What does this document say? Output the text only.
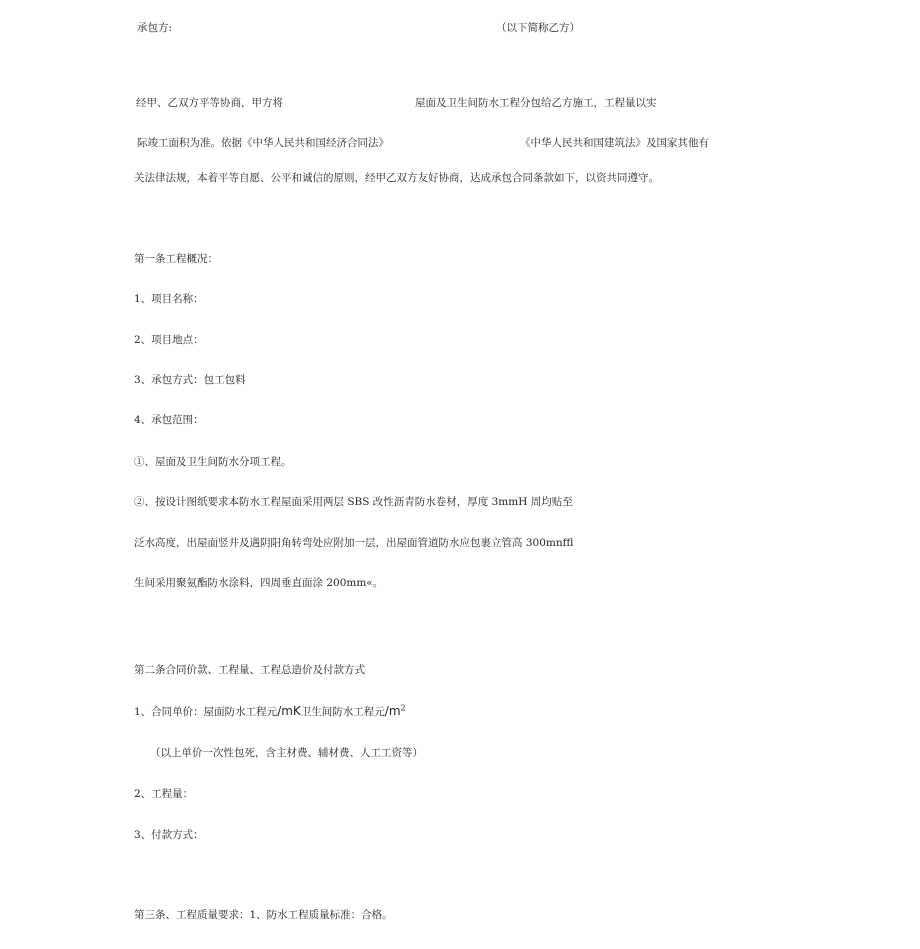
承包方:	（以下简称乙方）
经甲、乙双方平等协商，甲方将	屋面及卫生间防水工程分包给乙方施工，工程量以实
际竣工面积为准。依据《中华人民共和国经济合同法》	《中华人民共和国建筑法》及国家其他有
关法律法规，本着平等自愿、公平和诚信的原则，经甲乙双方友好协商，达成承包合同条款如下，以资共同遵守。
第一条工程概况：
1、项目名称：
2、项目地点：
3、承包方式：包工包料
4、承包范围：
①、屋面及卫生间防水分项工程。
②、按设计图纸要求本防水工程屋面采用两层 SBS 改性沥青防水卷材，厚度 3mmH 周均贴至
泛水高度，出屋面竖井及遇阴阳角转弯处应附加一层，出屋面管道防水应包裹立管高 300mnffl
生间采用聚氨酯防水涂料，四周垂直面涂 200mm«。
第二条合同价款、工程量、工程总造价及付款方式
1、合同单价：屋面防水工程元/mK卫生间防水工程元$/m^2$
（以上单价一次性包死，含主材费、辅材费、人工工资等）
2、工程量：
3、付款方式：
第三条、工程质量要求：1、防水工程质量标准：合格。
